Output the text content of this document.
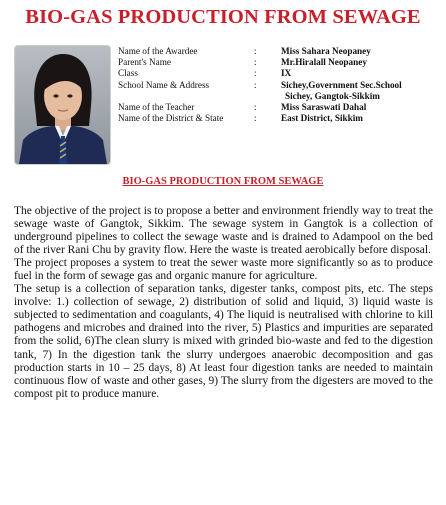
BIO-GAS PRODUCTION FROM SEWAGE
Name of the Awardee	:	Miss Sahara Neopaney
Parent's Name	:	Mr.Hiralall Neopaney
Class	:	IX
School Name & Address	:	Sichey,Government Sec.School
Sichey, Gangtok-Sikkim
Name of the Teacher	:	Miss Saraswati Dahal
Name of the District & State	:	East District, Sikkim
BIO-GAS PRODUCTION FROM SEWAGE

The objective of the project is to propose a better and environment friendly way to treat the sewage waste of Gangtok, Sikkim. The sewage system in Gangtok is a collection of underground pipelines to collect the sewage waste and is drained to Adampool on the bed of the river Rani Chu by gravity flow. Here the waste is treated aerobically before disposal.

The project proposes a system to treat the sewer waste more significantly so as to produce fuel in the form of sewage gas and organic manure for agriculture.

The setup is a collection of separation tanks, digester tanks, compost pits, etc. The steps involve: 1.) collection of sewage, 2) distribution of solid and liquid, 3) liquid waste is subjected to sedimentation and coagulants, 4) The liquid is neutralised with chlorine to kill pathogens and microbes and drained into the river, 5) Plastics and impurities are separated from the solid, 6)The clean slurry is mixed with grinded bio-waste and fed to the digestion tank, 7) In the digestion tank the slurry undergoes anaerobic decomposition and gas production starts in 10 – 25 days, 8) At least four digestion tanks are needed to maintain continuous flow of waste and other gases, 9) The slurry from the digesters are moved to the compost pit to produce manure.
